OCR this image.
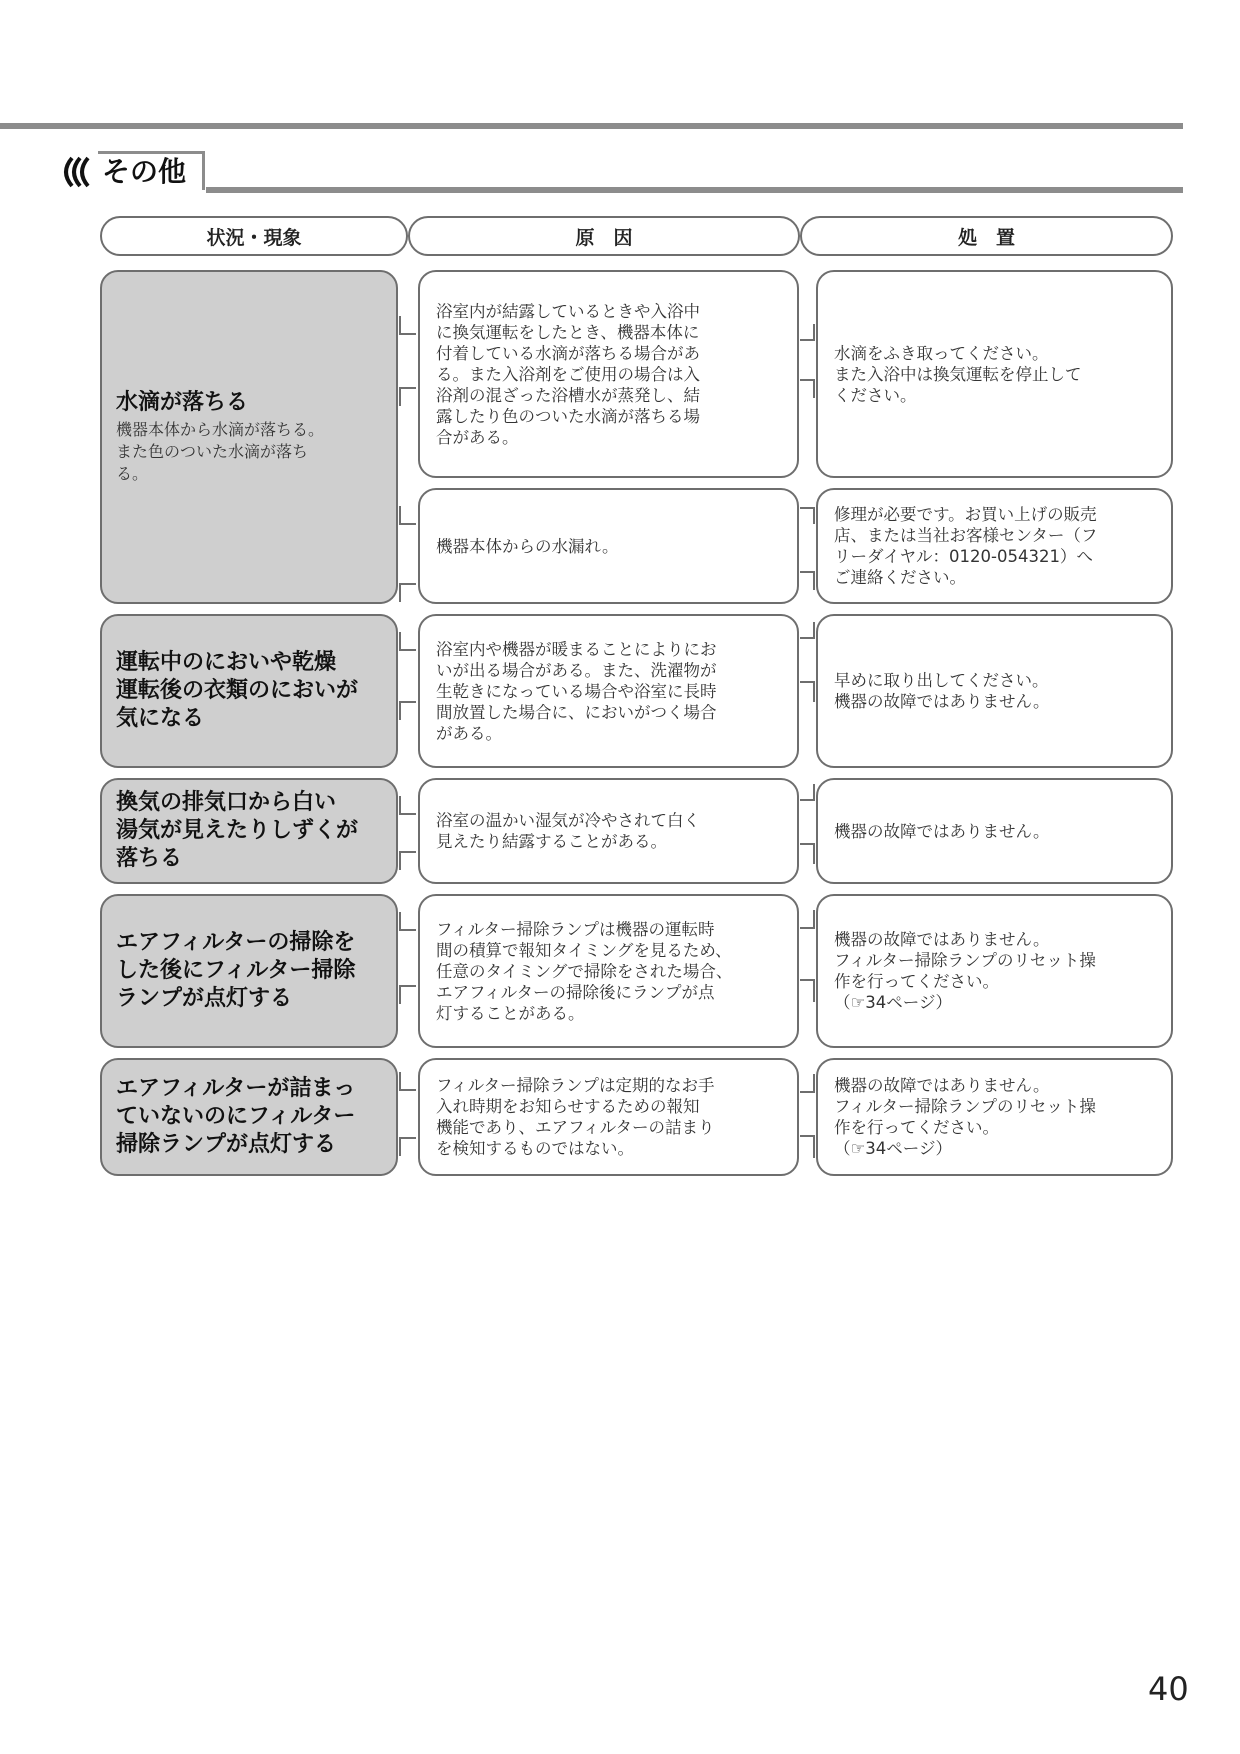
その他
状況・現象	原　因	処　置
水滴が落ちる
機器本体から水滴が落ちる。
また色のついた水滴が落ち
る。
浴室内が結露しているときや入浴中
に換気運転をしたとき、機器本体に
付着している水滴が落ちる場合があ
る。また入浴剤をご使用の場合は入
浴剤の混ざった浴槽水が蒸発し、結
露したり色のついた水滴が落ちる場
合がある。
水滴をふき取ってください。
また入浴中は換気運転を停止して
ください。
機器本体からの水漏れ。
修理が必要です。お買い上げの販売
店、または当社お客様センター（フ
リーダイヤル：0120-054321）へ
ご連絡ください。
運転中のにおいや乾燥
運転後の衣類のにおいが
気になる
浴室内や機器が暖まることによりにお
いが出る場合がある。また、洗濯物が
生乾きになっている場合や浴室に長時
間放置した場合に、においがつく場合
がある。
早めに取り出してください。
機器の故障ではありません。
換気の排気口から白い
湯気が見えたりしずくが
落ちる
浴室の温かい湿気が冷やされて白く
見えたり結露することがある。
機器の故障ではありません。
エアフィルターの掃除を
した後にフィルター掃除
ランプが点灯する
フィルター掃除ランプは機器の運転時
間の積算で報知タイミングを見るため、
任意のタイミングで掃除をされた場合、
エアフィルターの掃除後にランプが点
灯することがある。
機器の故障ではありません。
フィルター掃除ランプのリセット操
作を行ってください。
（☞34ページ）
エアフィルターが詰まっ
ていないのにフィルター
掃除ランプが点灯する
フィルター掃除ランプは定期的なお手
入れ時期をお知らせするための報知
機能であり、エアフィルターの詰まり
を検知するものではない。
機器の故障ではありません。
フィルター掃除ランプのリセット操
作を行ってください。
（☞34ページ）
40
